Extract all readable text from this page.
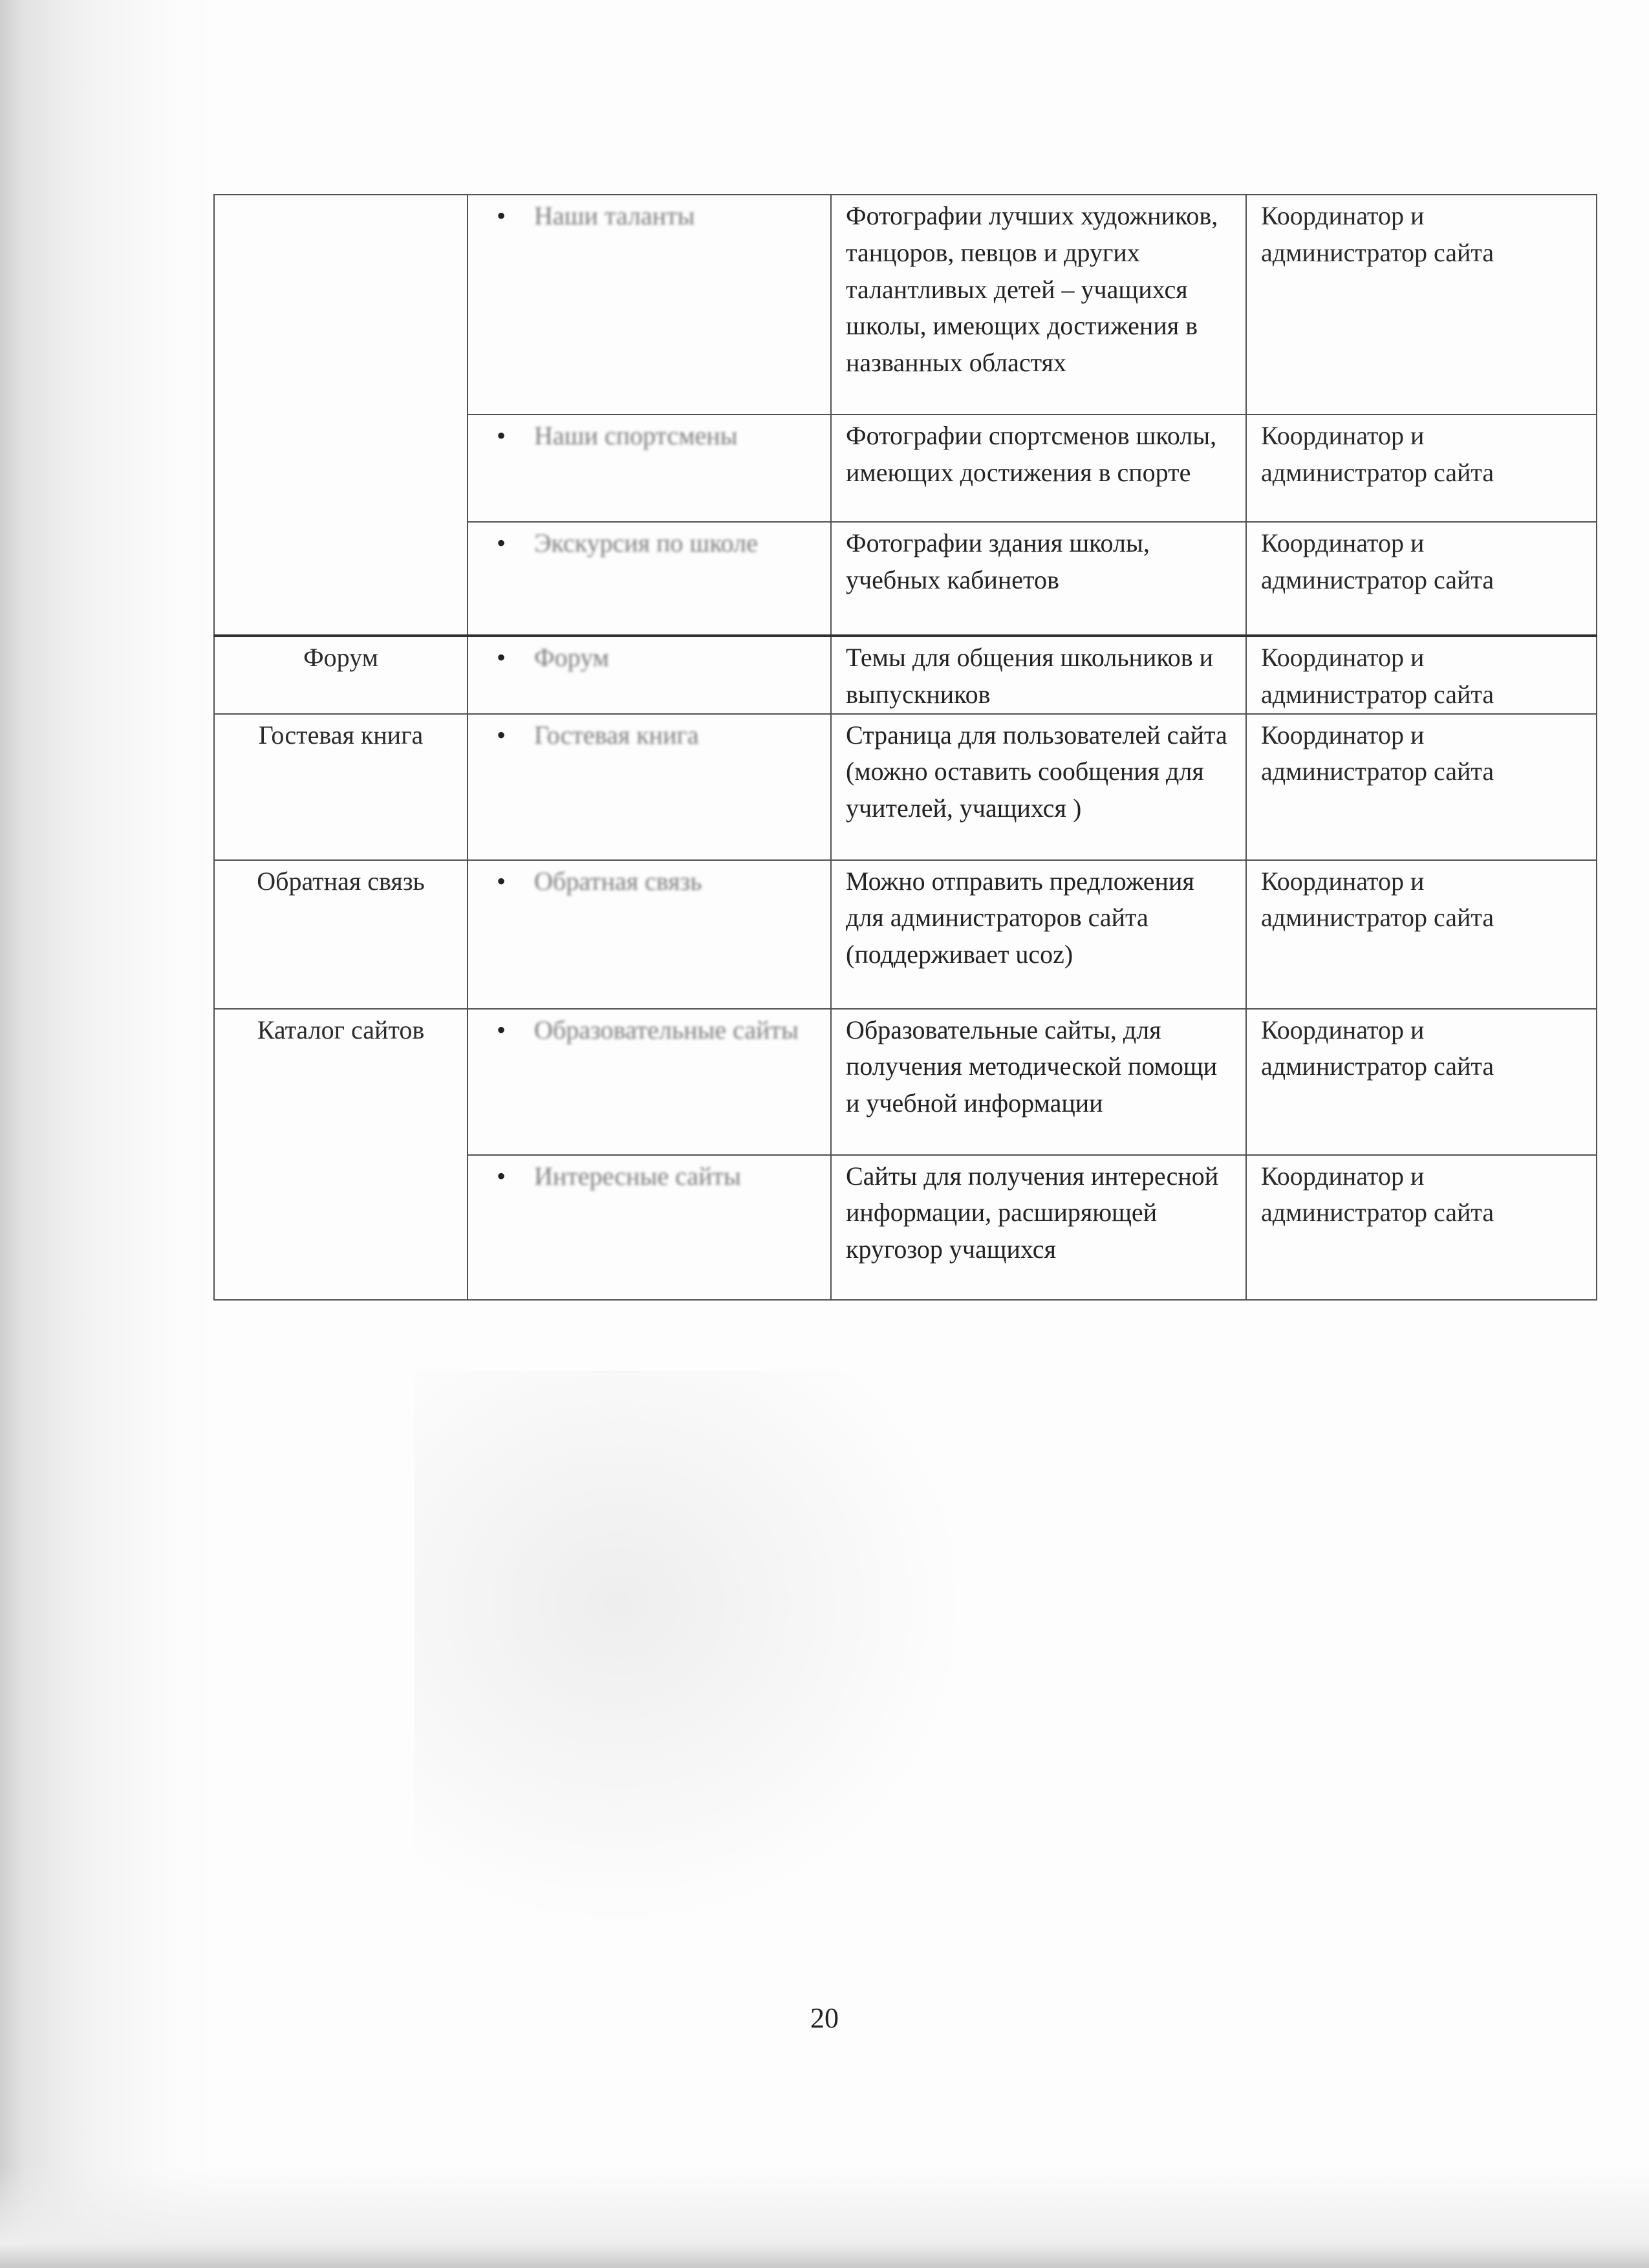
	• Наши таланты	Фотографии лучших художников, танцоров, певцов и других талантливых детей – учащихся школы, имеющих достижения в названных областях	Координатор и администратор сайта

	• Наши спортсмены	Фотографии спортсменов школы, имеющих достижения в спорте	Координатор и администратор сайта

	• Экскурсия по школе	Фотографии здания школы, учебных кабинетов	Координатор и администратор сайта
Форум	• Форум	Темы для общения школьников и выпускников	Координатор и администратор сайта
Гостевая книга	• Гостевая книга	Страница для пользователей сайта (можно оставить сообщения для учителей, учащихся )	Координатор и администратор сайта
Обратная связь	• Обратная связь	Можно отправить предложения для администраторов сайта (поддерживает ucoz)	Координатор и администратор сайта
Каталог сайтов	• Образовательные сайты	Образовательные сайты, для получения методической помощи и учебной информации	Координатор и администратор сайта

	• Интересные сайты	Сайты для получения интересной информации, расширяющей кругозор учащихся	Координатор и администратор сайта
20
